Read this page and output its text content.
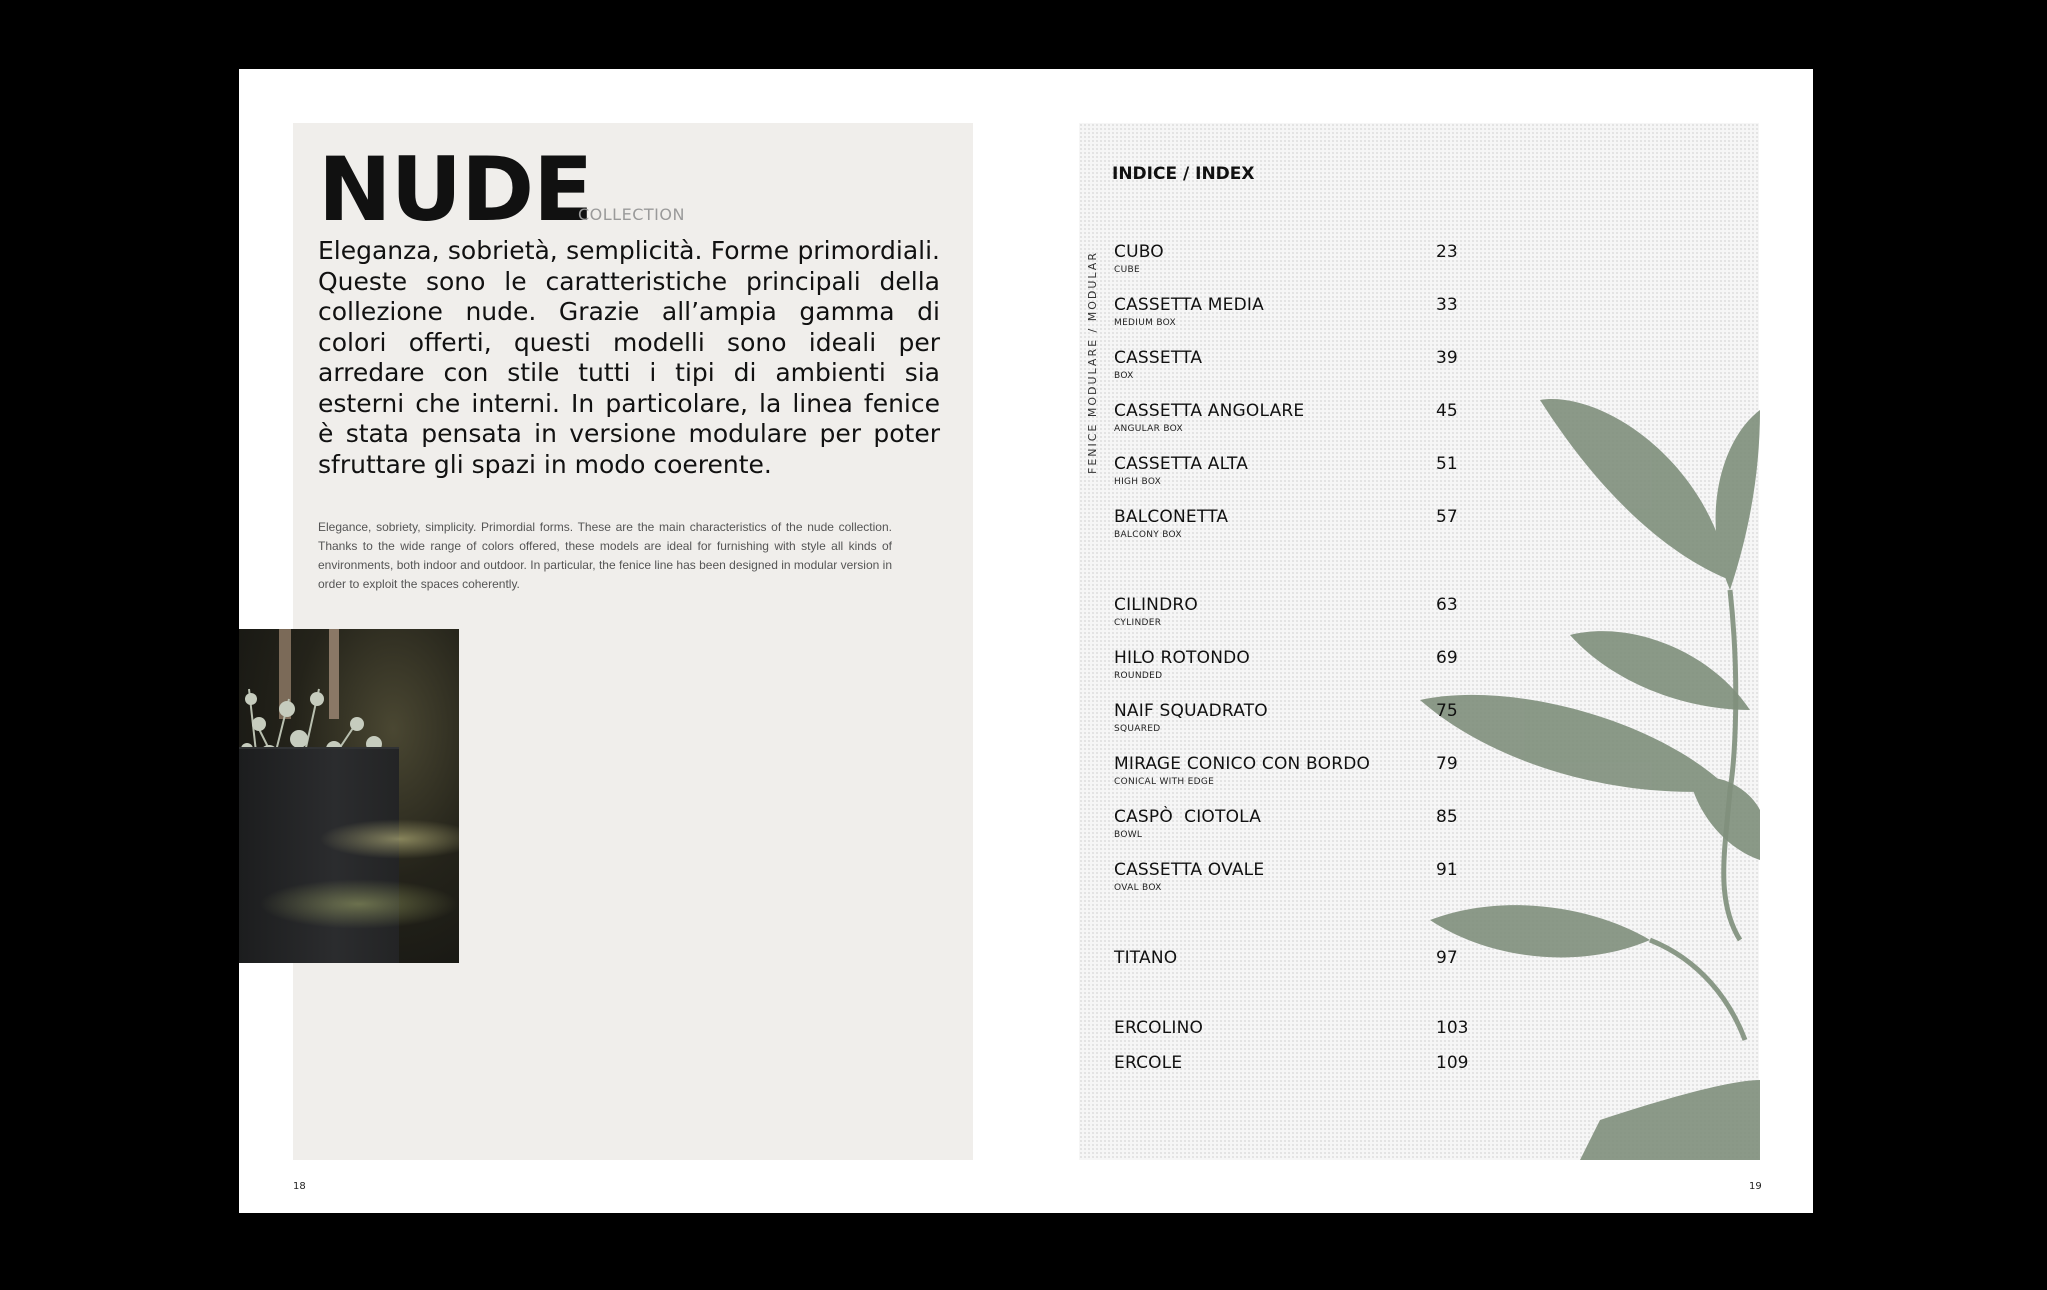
NUDE
COLLECTION

Eleganza, sobrietà, semplicità. Forme primordiali. Queste sono le caratteristiche principali della collezione nude. Grazie all’ampia gamma di colori offerti, questi modelli sono ideali per arredare con stile tutti i tipi di ambienti sia esterni che interni. In particolare, la linea fenice è stata pensata in versione modulare per poter sfruttare gli spazi in modo coerente.

Elegance, sobriety, simplicity. Primordial forms. These are the main characteristics of the nude collection. Thanks to the wide range of colors offered, these models are ideal for furnishing with style all kinds of environments, both indoor and outdoor. In particular, the fenice line has been designed in modular version in order to exploit the spaces coherently.

18
INDICE / INDEX
FENICE MODULARE / MODULAR CUBO
CUBE
23
CASSETTA MEDIA
MEDIUM BOX
33
CASSETTA
BOX
39
CASSETTA ANGOLARE
ANGULAR BOX
45
CASSETTA ALTA
HIGH BOX
51
BALCONETTA
BALCONY BOX
57
CILINDRO
CYLINDER
63
HILO ROTONDO
ROUNDED
69
NAIF SQUADRATO
SQUARED
75
MIRAGE CONICO CON BORDO
CONICAL WITH EDGE
79
CASPÒ  CIOTOLA
BOWL
85
CASSETTA OVALE
OVAL BOX
91
TITANO	97
ERCOLINO	103
ERCOLE	109
19
